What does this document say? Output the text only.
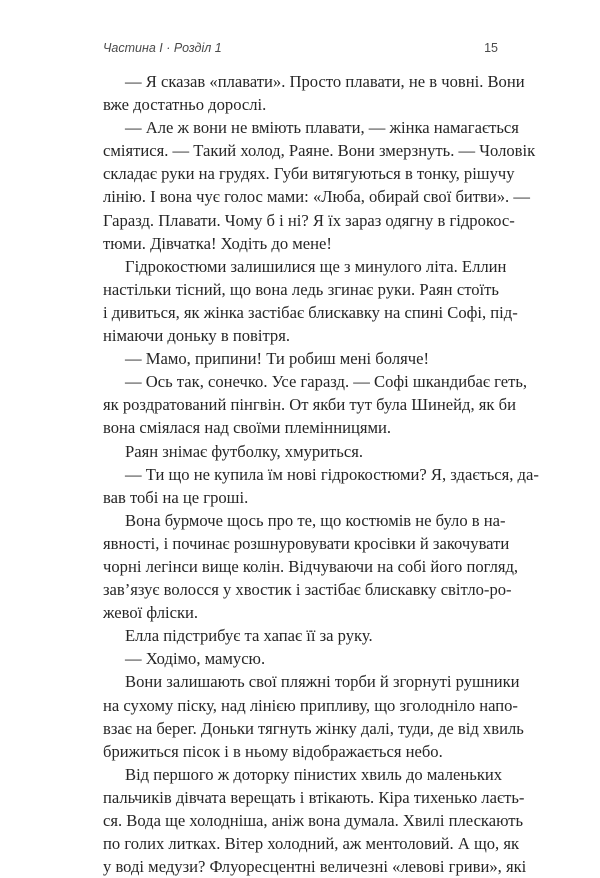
Частина I · Розділ 1	15
— Я сказав «плавати». Просто плавати, не в човні. Вони
вже достатньо дорослі.
— Але ж вони не вміють плавати, — жінка намагається
сміятися. — Такий холод, Раяне. Вони змерзнуть. — Чоловік
складає руки на грудях. Губи витягуються в тонку, рішучу
лінію. І вона чує голос мами: «Люба, обирай свої битви». —
Гаразд. Плавати. Чому б і ні? Я їх зараз одягну в гідрокос-
тюми. Дівчатка! Ходіть до мене!
Гідрокостюми залишилися ще з минулого літа. Еллин
настільки тісний, що вона ледь згинає руки. Раян стоїть
і дивиться, як жінка застібає блискавку на спині Софі, під-
німаючи доньку в повітря.
— Мамо, припини! Ти робиш мені боляче!
— Ось так, сонечко. Усе гаразд. — Софі шкандибає геть,
як роздратований пінгвін. От якби тут була Шинейд, як би
вона сміялася над своїми племінницями.
Раян знімає футболку, хмуриться.
— Ти що не купила їм нові гідрокостюми? Я, здається, да-
вав тобі на це гроші.
Вона бурмоче щось про те, що костюмів не було в на-
явності, і починає розшнуровувати кросівки й закочувати
чорні легінси вище колін. Відчуваючи на собі його погляд,
зав’язує волосся у хвостик і застібає блискавку світло-ро-
жевої фліски.
Елла підстрибує та хапає її за руку.
— Ходімо, мамусю.
Вони залишають свої пляжні торби й згорнуті рушники
на сухому піску, над лінією припливу, що зголодніло напо-
взає на берег. Доньки тягнуть жінку далі, туди, де від хвиль
брижиться пісок і в ньому відображається небо.
Від першого ж доторку пінистих хвиль до маленьких
пальчиків дівчата верещать і втікають. Кіра тихенько лаєть-
ся. Вода ще холодніша, аніж вона думала. Хвилі плескають
по голих литках. Вітер холодний, аж ментоловий. А що, як
у воді медузи? Флуоресцентні величезні «левові гриви», які
